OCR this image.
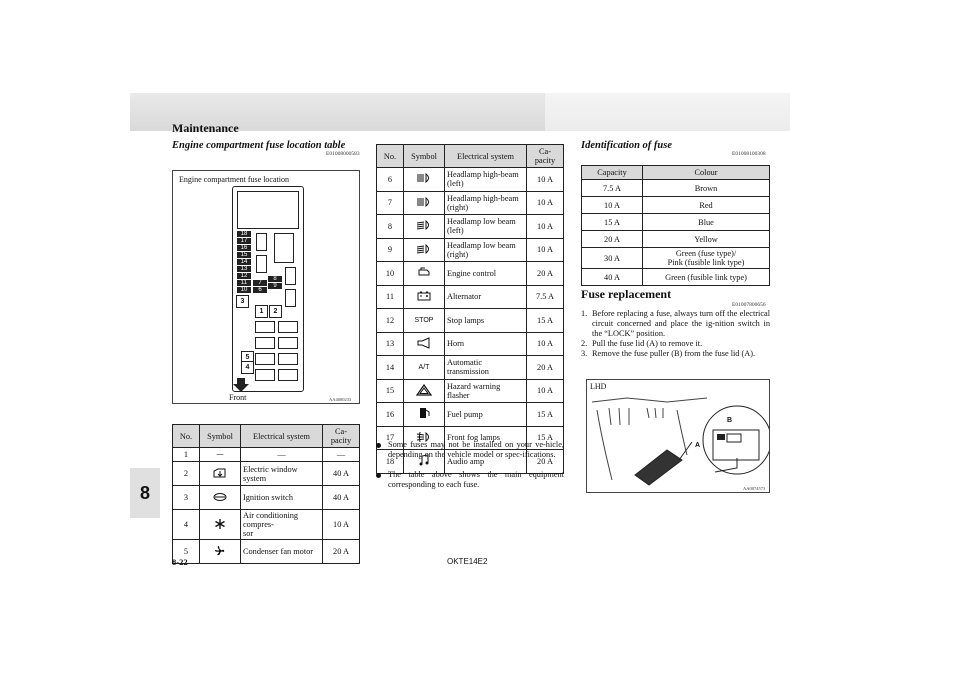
Maintenance
8
Engine compartment fuse location table
E01008000583
Engine compartment fuse location
18
17
16
15
14
13
12
11
10
7
8
6
9
3
1	2
5
4
Front	AA4000233
No.	Symbol	Electrical system	Ca-
pacity
1	—	—	—
2		Electric window system	40 A
3		Ignition switch	40 A
4		Air conditioning compres-
sor	10 A
5		Condenser fan motor	20 A
No.	Symbol	Electrical system	Ca-
pacity
6		Headlamp high-beam
(left)	10 A
7		Headlamp high-beam
(right)	10 A
8		Headlamp low beam (left)	10 A
9		Headlamp low beam
(right)	10 A
10		Engine control	20 A
11		Alternator	7.5 A
12	STOP	Stop lamps	15 A
13		Horn	10 A
14	A/T	Automatic transmission	20 A
15		Hazard warning flasher	10 A
16		Fuel pump	15 A
17		Front fog lamps	15 A
18		Audio amp	20 A
Some fuses may not be installed on your ve-hicle, depending on the vehicle model or spec-ifications.
The table above shows the main equipment corresponding to each fuse.
Identification of fuse
E01008100308
Capacity	Colour
7.5 A	Brown
10 A	Red
15 A	Blue
20 A	Yellow
30 A	Green (fuse type)/
Pink (fusible link type)
40 A	Green (fusible link type)
Fuse replacement
E01007800656
1. Before replacing a fuse, always turn off the electrical circuit concerned and place the ig-nition switch in the “LOCK” position.
2. Pull the fuse lid (A) to remove it.
3. Remove the fuse puller (B) from the fuse lid (A).
LHD
A
B
AA0074573
8-22	OKTE14E2
